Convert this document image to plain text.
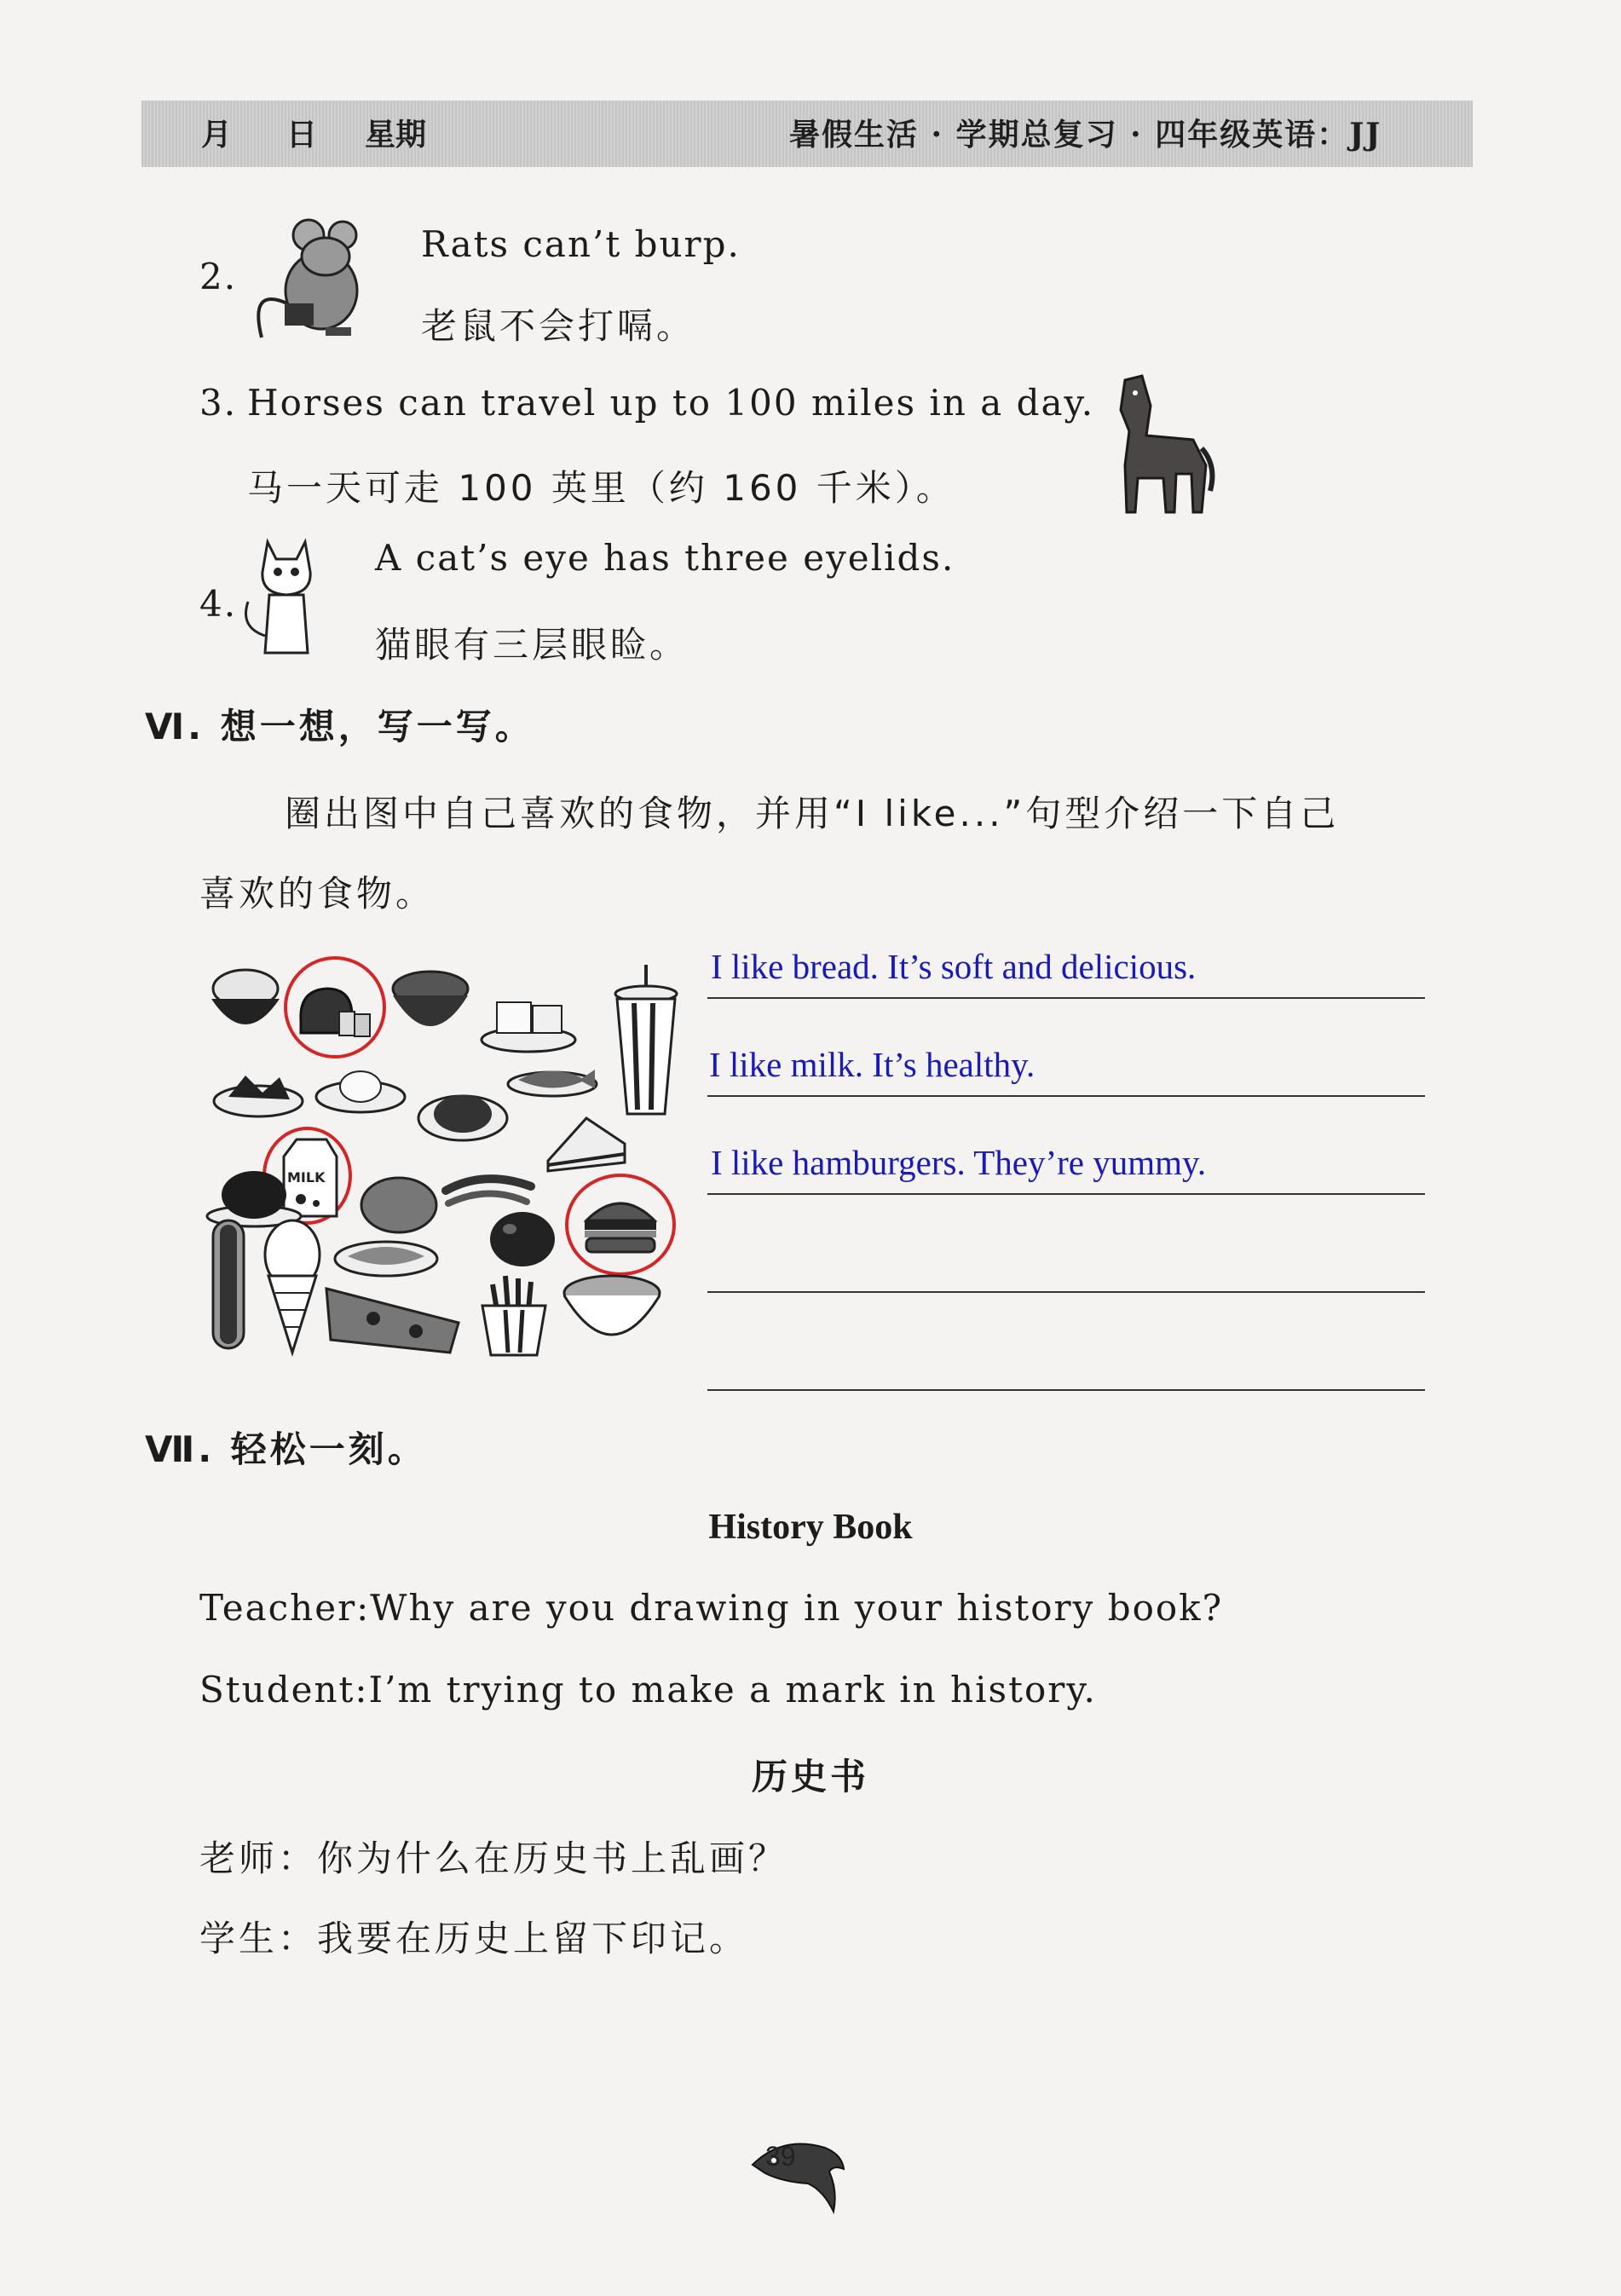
月 日 星期	暑假生活 · 学期总复习 · 四年级英语：JJ
2.
Rats can’t burp.
老鼠不会打嗝。
3. Horses can travel up to 100 miles in a day.
马一天可走 100 英里（约 160 千米）。
4.
A cat’s eye has three eyelids.
猫眼有三层眼睑。
Ⅵ. 想一想，写一写。
圈出图中自己喜欢的食物，并用“I like...”句型介绍一下自己
喜欢的食物。
MILK
I like bread. It’s soft and delicious.
I like milk. It’s healthy.
I like hamburgers. They’re yummy.
Ⅶ. 轻松一刻。
History Book
Teacher:Why are you drawing in your history book?
Student:I’m trying to make a mark in history.
历史书
老师：你为什么在历史书上乱画？
学生：我要在历史上留下印记。
39
